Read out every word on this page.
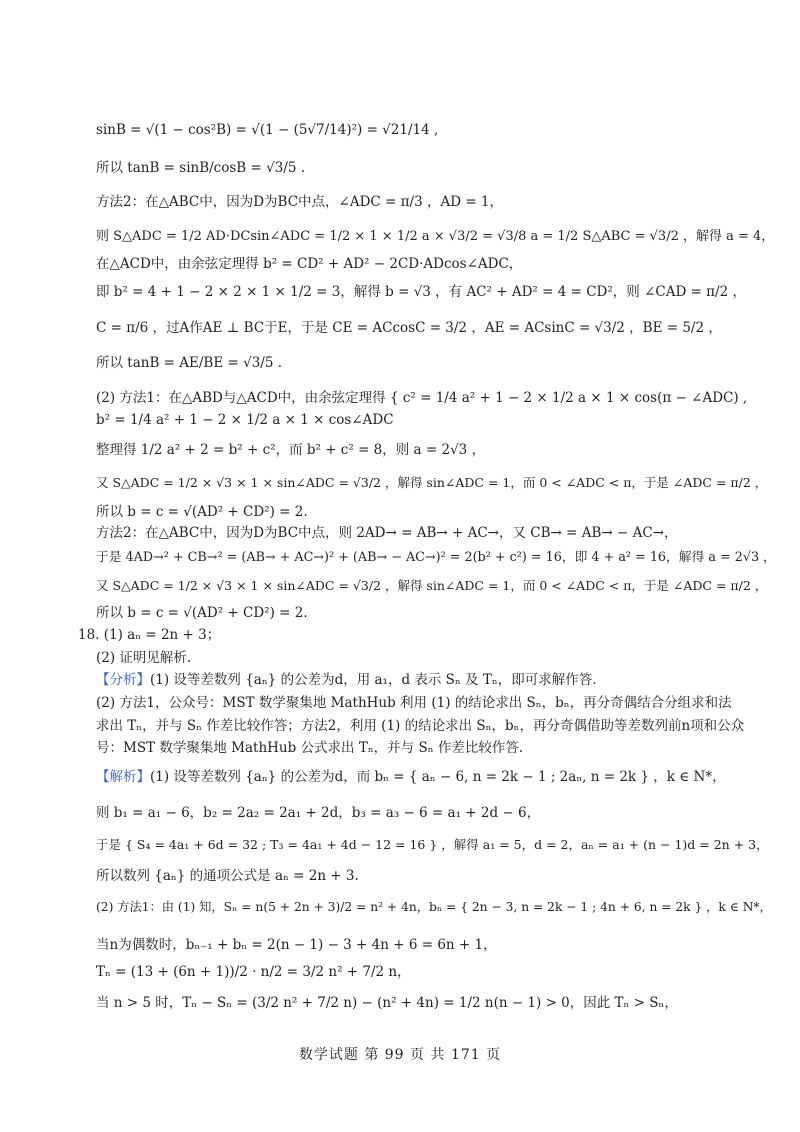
sinB = √(1 − cos²B) = √(1 − (5√7/14)²) = √21/14 ,
所以 tanB = sinB/cosB = √3/5 .
方法2：在△ABC中，因为D为BC中点，∠ADC = π/3 ，AD = 1，
则 S△ADC = 1/2 AD·DCsin∠ADC = 1/2 × 1 × 1/2 a × √3/2 = √3/8 a = 1/2 S△ABC = √3/2 ，解得 a = 4，
在△ACD中，由余弦定理得 b² = CD² + AD² − 2CD·ADcos∠ADC，
即 b² = 4 + 1 − 2 × 2 × 1 × 1/2 = 3，解得 b = √3 ，有 AC² + AD² = 4 = CD²，则 ∠CAD = π/2 ，
C = π/6 ，过A作AE ⊥ BC于E，于是 CE = ACcosC = 3/2 ，AE = ACsinC = √3/2 ，BE = 5/2 ，
所以 tanB = AE/BE = √3/5 .
(2) 方法1：在△ABD与△ACD中，由余弦定理得 { c² = 1/4 a² + 1 − 2 × 1/2 a × 1 × cos(π − ∠ADC) ,
b² = 1/4 a² + 1 − 2 × 1/2 a × 1 × cos∠ADC
整理得 1/2 a² + 2 = b² + c²，而 b² + c² = 8，则 a = 2√3 ，
又 S△ADC = 1/2 × √3 × 1 × sin∠ADC = √3/2 ，解得 sin∠ADC = 1，而 0 < ∠ADC < π，于是 ∠ADC = π/2 ，
所以 b = c = √(AD² + CD²) = 2.
方法2：在△ABC中，因为D为BC中点，则 2AD→ = AB→ + AC→，又 CB→ = AB→ − AC→，
于是 4AD→² + CB→² = (AB→ + AC→)² + (AB→ − AC→)² = 2(b² + c²) = 16，即 4 + a² = 16，解得 a = 2√3 ，
又 S△ADC = 1/2 × √3 × 1 × sin∠ADC = √3/2 ，解得 sin∠ADC = 1，而 0 < ∠ADC < π，于是 ∠ADC = π/2 ，
所以 b = c = √(AD² + CD²) = 2.
18. (1) aₙ = 2n + 3；
(2) 证明见解析.
【分析】(1) 设等差数列 {aₙ} 的公差为d，用 a₁，d 表示 Sₙ 及 Tₙ，即可求解作答.
(2) 方法1，公众号：MST 数学聚集地 MathHub 利用 (1) 的结论求出 Sₙ，bₙ，再分奇偶结合分组求和法
求出 Tₙ，并与 Sₙ 作差比较作答；方法2，利用 (1) 的结论求出 Sₙ，bₙ，再分奇偶借助等差数列前n项和公众
号：MST 数学聚集地 MathHub 公式求出 Tₙ，并与 Sₙ 作差比较作答.
【解析】(1) 设等差数列 {aₙ} 的公差为d，而 bₙ = { aₙ − 6, n = 2k − 1 ; 2aₙ, n = 2k } ，k ∈ N*，
则 b₁ = a₁ − 6，b₂ = 2a₂ = 2a₁ + 2d，b₃ = a₃ − 6 = a₁ + 2d − 6，
于是 { S₄ = 4a₁ + 6d = 32 ; T₃ = 4a₁ + 4d − 12 = 16 } ，解得 a₁ = 5，d = 2，aₙ = a₁ + (n − 1)d = 2n + 3，
所以数列 {aₙ} 的通项公式是 aₙ = 2n + 3.
(2) 方法1：由 (1) 知，Sₙ = n(5 + 2n + 3)/2 = n² + 4n，bₙ = { 2n − 3, n = 2k − 1 ; 4n + 6, n = 2k } ，k ∈ N*，
当n为偶数时，bₙ₋₁ + bₙ = 2(n − 1) − 3 + 4n + 6 = 6n + 1，
Tₙ = (13 + (6n + 1))/2 · n/2 = 3/2 n² + 7/2 n，
当 n > 5 时，Tₙ − Sₙ = (3/2 n² + 7/2 n) − (n² + 4n) = 1/2 n(n − 1) > 0，因此 Tₙ > Sₙ，
数学试题 第 99 页 共 171 页
